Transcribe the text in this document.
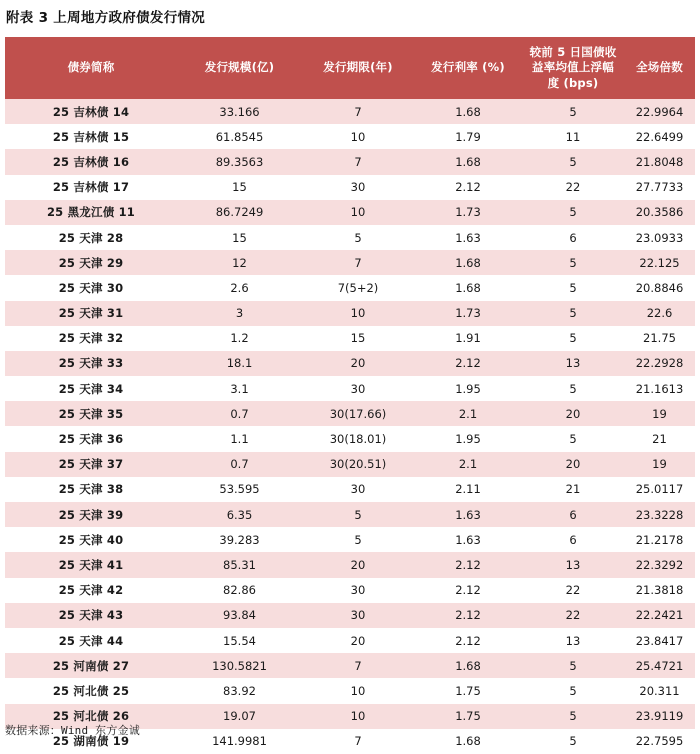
附表 3 上周地方政府债发行情况
债券简称	发行规模(亿)	发行期限(年)	发行利率 (%)	较前 5 日国债收
益率均值上浮幅
度 (bps)	全场倍数

25 吉林债 14	33.166	7	1.68	5	22.9964
25 吉林债 15	61.8545	10	1.79	11	22.6499
25 吉林债 16	89.3563	7	1.68	5	21.8048
25 吉林债 17	15	30	2.12	22	27.7733
25 黑龙江债 11	86.7249	10	1.73	5	20.3586
25 天津 28	15	5	1.63	6	23.0933
25 天津 29	12	7	1.68	5	22.125
25 天津 30	2.6	7(5+2)	1.68	5	20.8846
25 天津 31	3	10	1.73	5	22.6
25 天津 32	1.2	15	1.91	5	21.75
25 天津 33	18.1	20	2.12	13	22.2928
25 天津 34	3.1	30	1.95	5	21.1613
25 天津 35	0.7	30(17.66)	2.1	20	19
25 天津 36	1.1	30(18.01)	1.95	5	21
25 天津 37	0.7	30(20.51)	2.1	20	19
25 天津 38	53.595	30	2.11	21	25.0117
25 天津 39	6.35	5	1.63	6	23.3228
25 天津 40	39.283	5	1.63	6	21.2178
25 天津 41	85.31	20	2.12	13	22.3292
25 天津 42	82.86	30	2.12	22	21.3818
25 天津 43	93.84	30	2.12	22	22.2421
25 天津 44	15.54	20	2.12	13	23.8417
25 河南债 27	130.5821	7	1.68	5	25.4721
25 河北债 25	83.92	10	1.75	5	20.311
25 河北债 26	19.07	10	1.75	5	23.9119
25 湖南债 19	141.9981	7	1.68	5	22.7595
数据来源：Wind 东方金诚
